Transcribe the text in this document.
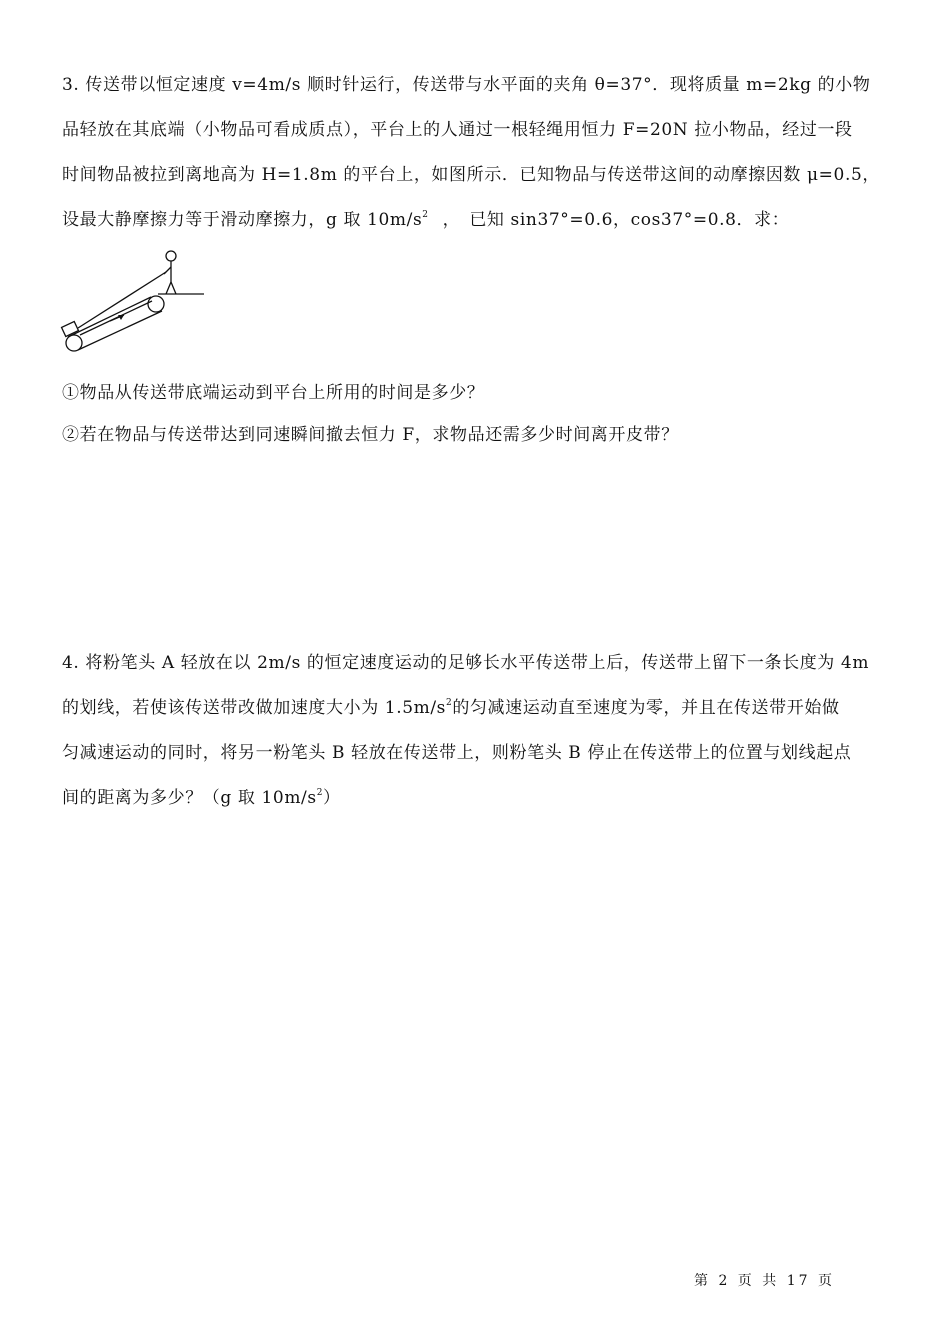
3. 传送带以恒定速度 v=4m/s 顺时针运行，传送带与水平面的夹角 θ=37°．现将质量 m=2kg 的小物
品轻放在其底端（小物品可看成质点），平台上的人通过一根轻绳用恒力 F=20N 拉小物品，经过一段
时间物品被拉到离地高为 H=1.8m 的平台上，如图所示．已知物品与传送带这间的动摩擦因数 μ=0.5，
设最大静摩擦力等于滑动摩擦力，g 取 $10m/s^2$ ，　已知 sin37°=0.6，cos37°=0.8．求：
①物品从传送带底端运动到平台上所用的时间是多少？
②若在物品与传送带达到同速瞬间撤去恒力 F，求物品还需多少时间离开皮带？
4. 将粉笔头 A 轻放在以 2m/s 的恒定速度运动的足够长水平传送带上后，传送带上留下一条长度为 4m
的划线，若使该传送带改做加速度大小为 $1.5m/s^2$的匀减速运动直至速度为零，并且在传送带开始做
匀减速运动的同时，将另一粉笔头 B 轻放在传送带上，则粉笔头 B 停止在传送带上的位置与划线起点
间的距离为多少？（g 取 $10m/s^2$）
第 2 页 共 17 页
